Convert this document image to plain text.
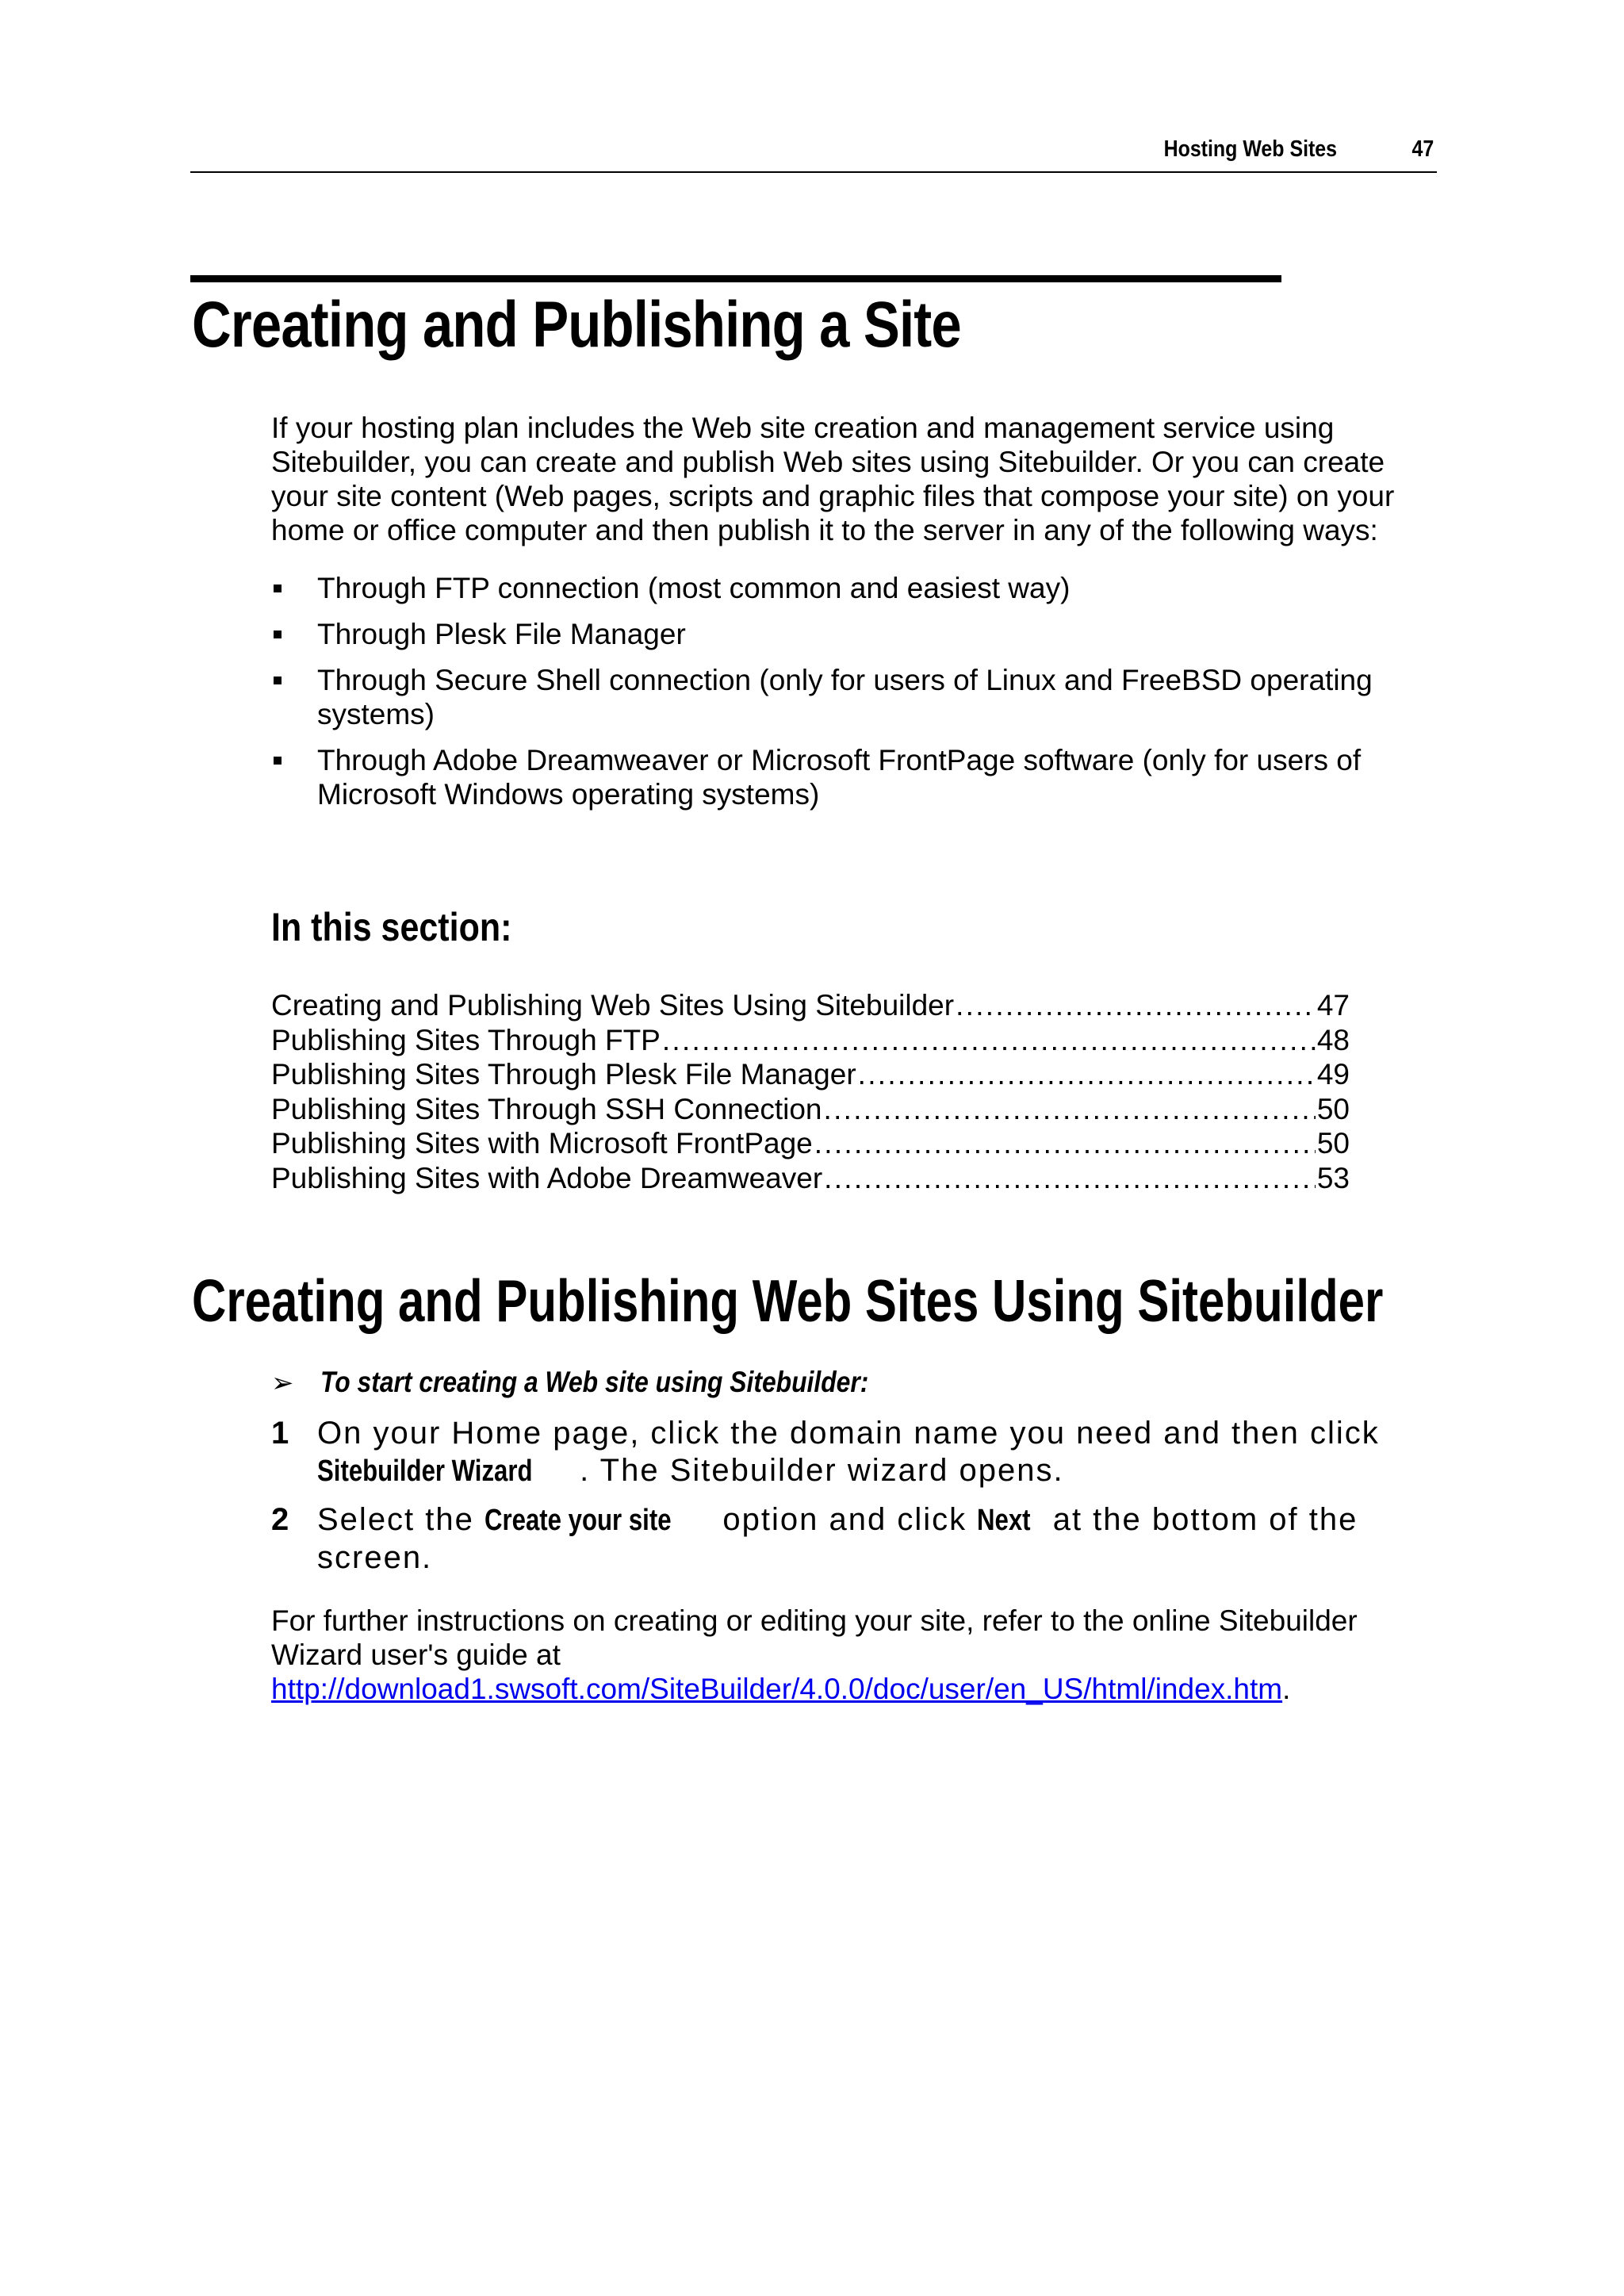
Hosting Web Sites	47
Creating and Publishing a Site
If your hosting plan includes the Web site creation and management service using Sitebuilder, you can create and publish Web sites using Sitebuilder. Or you can create your site content (Web pages, scripts and graphic files that compose your site) on your home or office computer and then publish it to the server in any of the following ways:
Through FTP connection (most common and easiest way)
Through Plesk File Manager
Through Secure Shell connection (only for users of Linux and FreeBSD operating systems)
Through Adobe Dreamweaver or Microsoft FrontPage software (only for users of Microsoft Windows operating systems)
In this section:
Creating and Publishing Web Sites Using Sitebuilder . . .	47
Publishing Sites Through FTP . . .	48
Publishing Sites Through Plesk File Manager . . .	49
Publishing Sites Through SSH Connection . . .	50
Publishing Sites with Microsoft FrontPage . . .	50
Publishing Sites with Adobe Dreamweaver . . .	53
Creating and Publishing Web Sites Using Sitebuilder
➢ To start creating a Web site using Sitebuilder:
1 On your Home page, click the domain name you need and then click Sitebuilder Wizard . The Sitebuilder wizard opens.
2 Select the Create your site option and click Next at the bottom of the screen.
For further instructions on creating or editing your site, refer to the online Sitebuilder Wizard user's guide at http://download1.swsoft.com/SiteBuilder/4.0.0/doc/user/en_US/html/index.htm.
